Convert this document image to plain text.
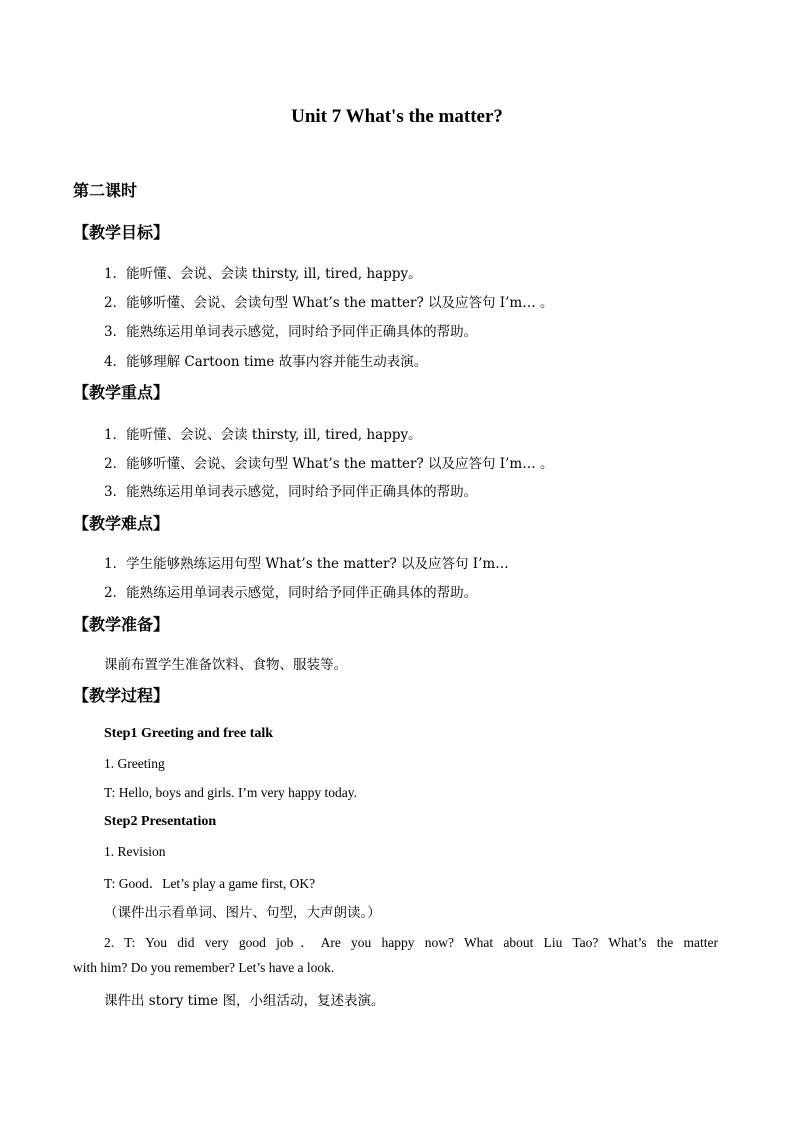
Unit 7 What's the matter?
第二课时
【教学目标】
1．能听懂、会说、会读 thirsty, ill, tired, happy。
2．能够听懂、会说、会读句型 What’s the matter? 以及应答句 I’m… 。
3．能熟练运用单词表示感觉，同时给予同伴正确具体的帮助。
4．能够理解 Cartoon time 故事内容并能生动表演。
【教学重点】
1．能听懂、会说、会读 thirsty, ill, tired, happy。
2．能够听懂、会说、会读句型 What’s the matter? 以及应答句 I’m… 。
3．能熟练运用单词表示感觉，同时给予同伴正确具体的帮助。
【教学难点】
1．学生能够熟练运用句型 What’s the matter? 以及应答句 I’m…
2．能熟练运用单词表示感觉，同时给予同伴正确具体的帮助。
【教学准备】
课前布置学生准备饮料、食物、服装等。
【教学过程】
Step1 Greeting and free talk
1. Greeting
T: Hello, boys and girls. I’m very happy today.
Step2 Presentation
1. Revision
T: Good．Let’s play a game first, OK?
（课件出示看单词、图片、句型，大声朗读。）
2. T: You did very good job．Are you happy now? What about Liu Tao? What’s the matter
with him? Do you remember? Let’s have a look.
课件出 story time 图，小组活动，复述表演。
